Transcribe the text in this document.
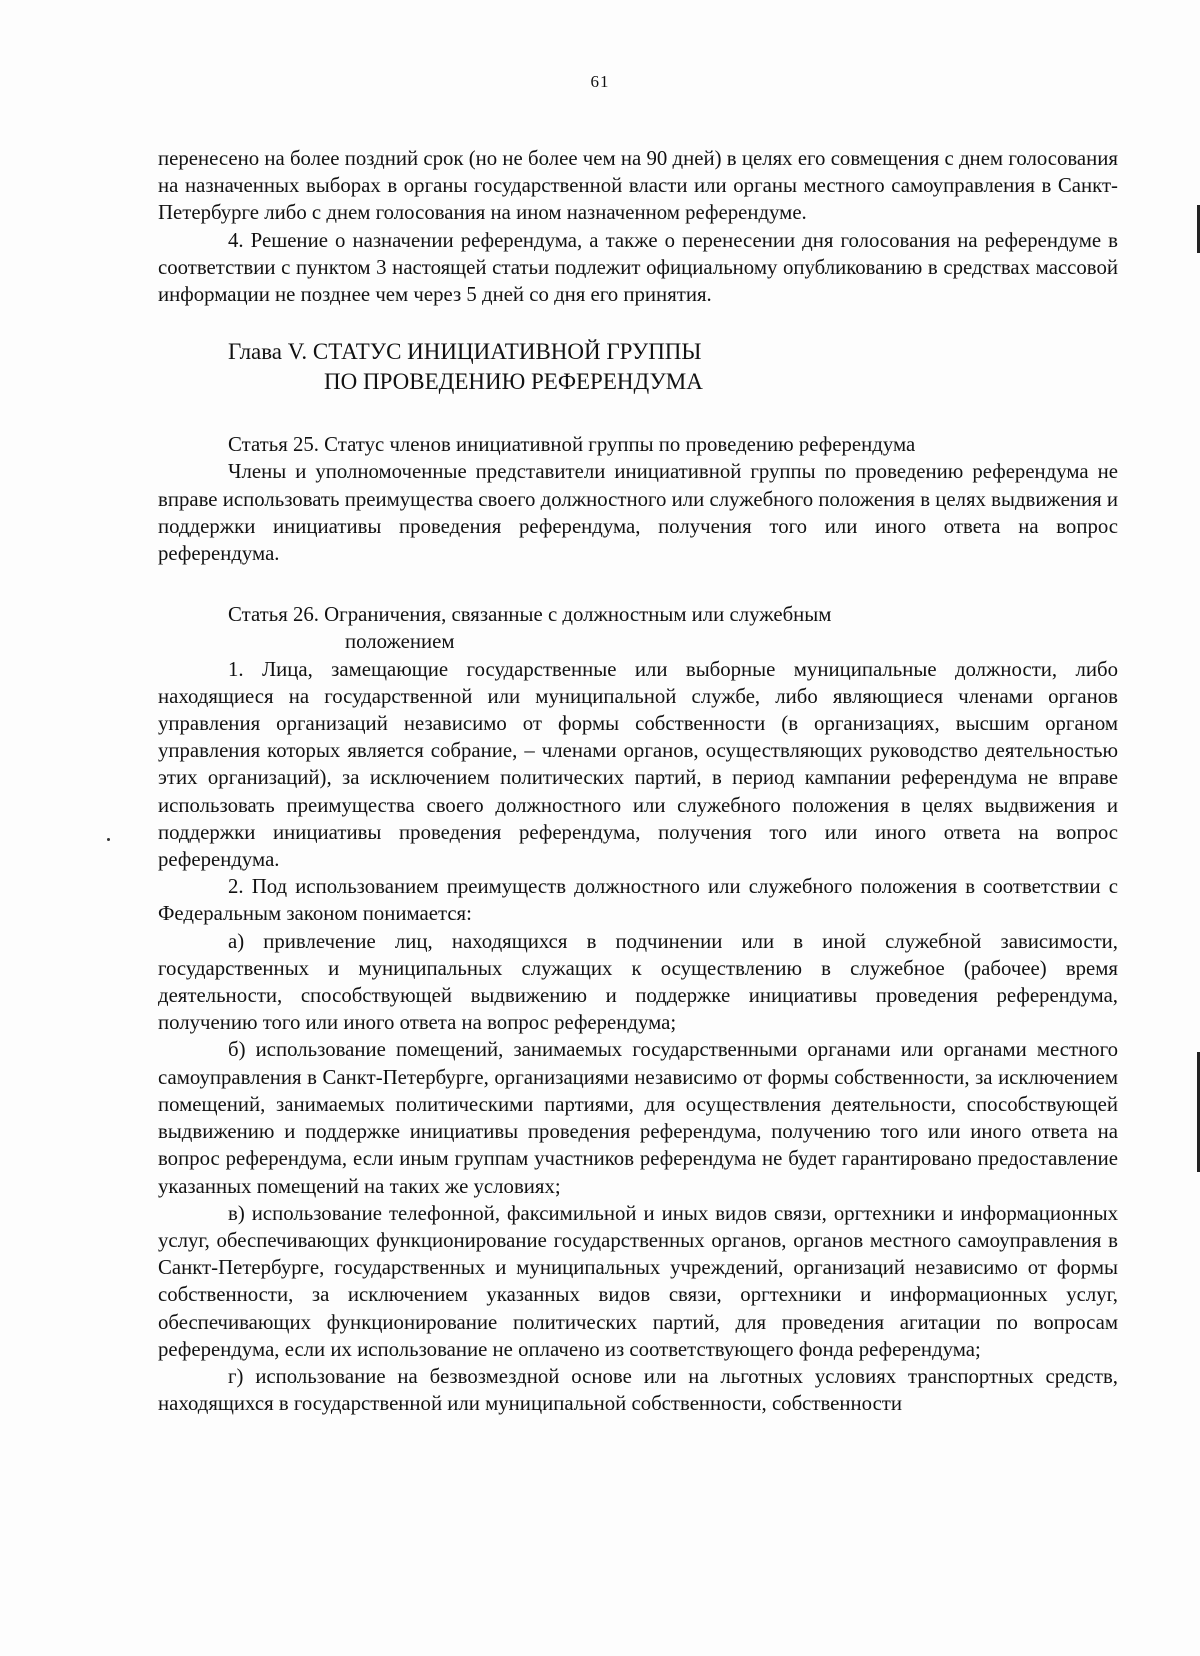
61

перенесено на более поздний срок (но не более чем на 90 дней) в целях его совмещения с днем голосования на назначенных выборах в органы государственной власти или органы местного самоуправления в Санкт-Петербурге либо с днем голосования на ином назначенном референдуме.

4. Решение о назначении референдума, а также о перенесении дня голосования на референдуме в соответствии с пунктом 3 настоящей статьи подлежит официальному опубликованию в средствах массовой информации не позднее чем через 5 дней со дня его принятия.

Глава V. СТАТУС ИНИЦИАТИВНОЙ ГРУППЫ
ПО ПРОВЕДЕНИЮ РЕФЕРЕНДУМА

Статья 25. Статус членов инициативной группы по проведению референдума

Члены и уполномоченные представители инициативной группы по проведению референдума не вправе использовать преимущества своего должностного или служебного положения в целях выдвижения и поддержки инициативы проведения референдума, получения того или иного ответа на вопрос референдума.

Статья 26. Ограничения, связанные с должностным или служебным
положением

1. Лица, замещающие государственные или выборные муниципальные должности, либо находящиеся на государственной или муниципальной службе, либо являющиеся членами органов управления организаций независимо от формы собственности (в организациях, высшим органом управления которых является собрание, – членами органов, осуществляющих руководство деятельностью этих организаций), за исключением политических партий, в период кампании референдума не вправе использовать преимущества своего должностного или служебного положения в целях выдвижения и поддержки инициативы проведения референдума, получения того или иного ответа на вопрос референдума.

2. Под использованием преимуществ должностного или служебного положения в соответствии с Федеральным законом понимается:

а) привлечение лиц, находящихся в подчинении или в иной служебной зависимости, государственных и муниципальных служащих к осуществлению в служебное (рабочее) время деятельности, способствующей выдвижению и поддержке инициативы проведения референдума, получению того или иного ответа на вопрос референдума;

б) использование помещений, занимаемых государственными органами или органами местного самоуправления в Санкт-Петербурге, организациями независимо от формы собственности, за исключением помещений, занимаемых политическими партиями, для осуществления деятельности, способствующей выдвижению и поддержке инициативы проведения референдума, получению того или иного ответа на вопрос референдума, если иным группам участников референдума не будет гарантировано предоставление указанных помещений на таких же условиях;

в) использование телефонной, факсимильной и иных видов связи, оргтехники и информационных услуг, обеспечивающих функционирование государственных органов, органов местного самоуправления в Санкт-Петербурге, государственных и муниципальных учреждений, организаций независимо от формы собственности, за исключением указанных видов связи, оргтехники и информационных услуг, обеспечивающих функционирование политических партий, для проведения агитации по вопросам референдума, если их использование не оплачено из соответствующего фонда референдума;

г) использование на безвозмездной основе или на льготных условиях транспортных средств, находящихся в государственной или муниципальной собственности, собственности
